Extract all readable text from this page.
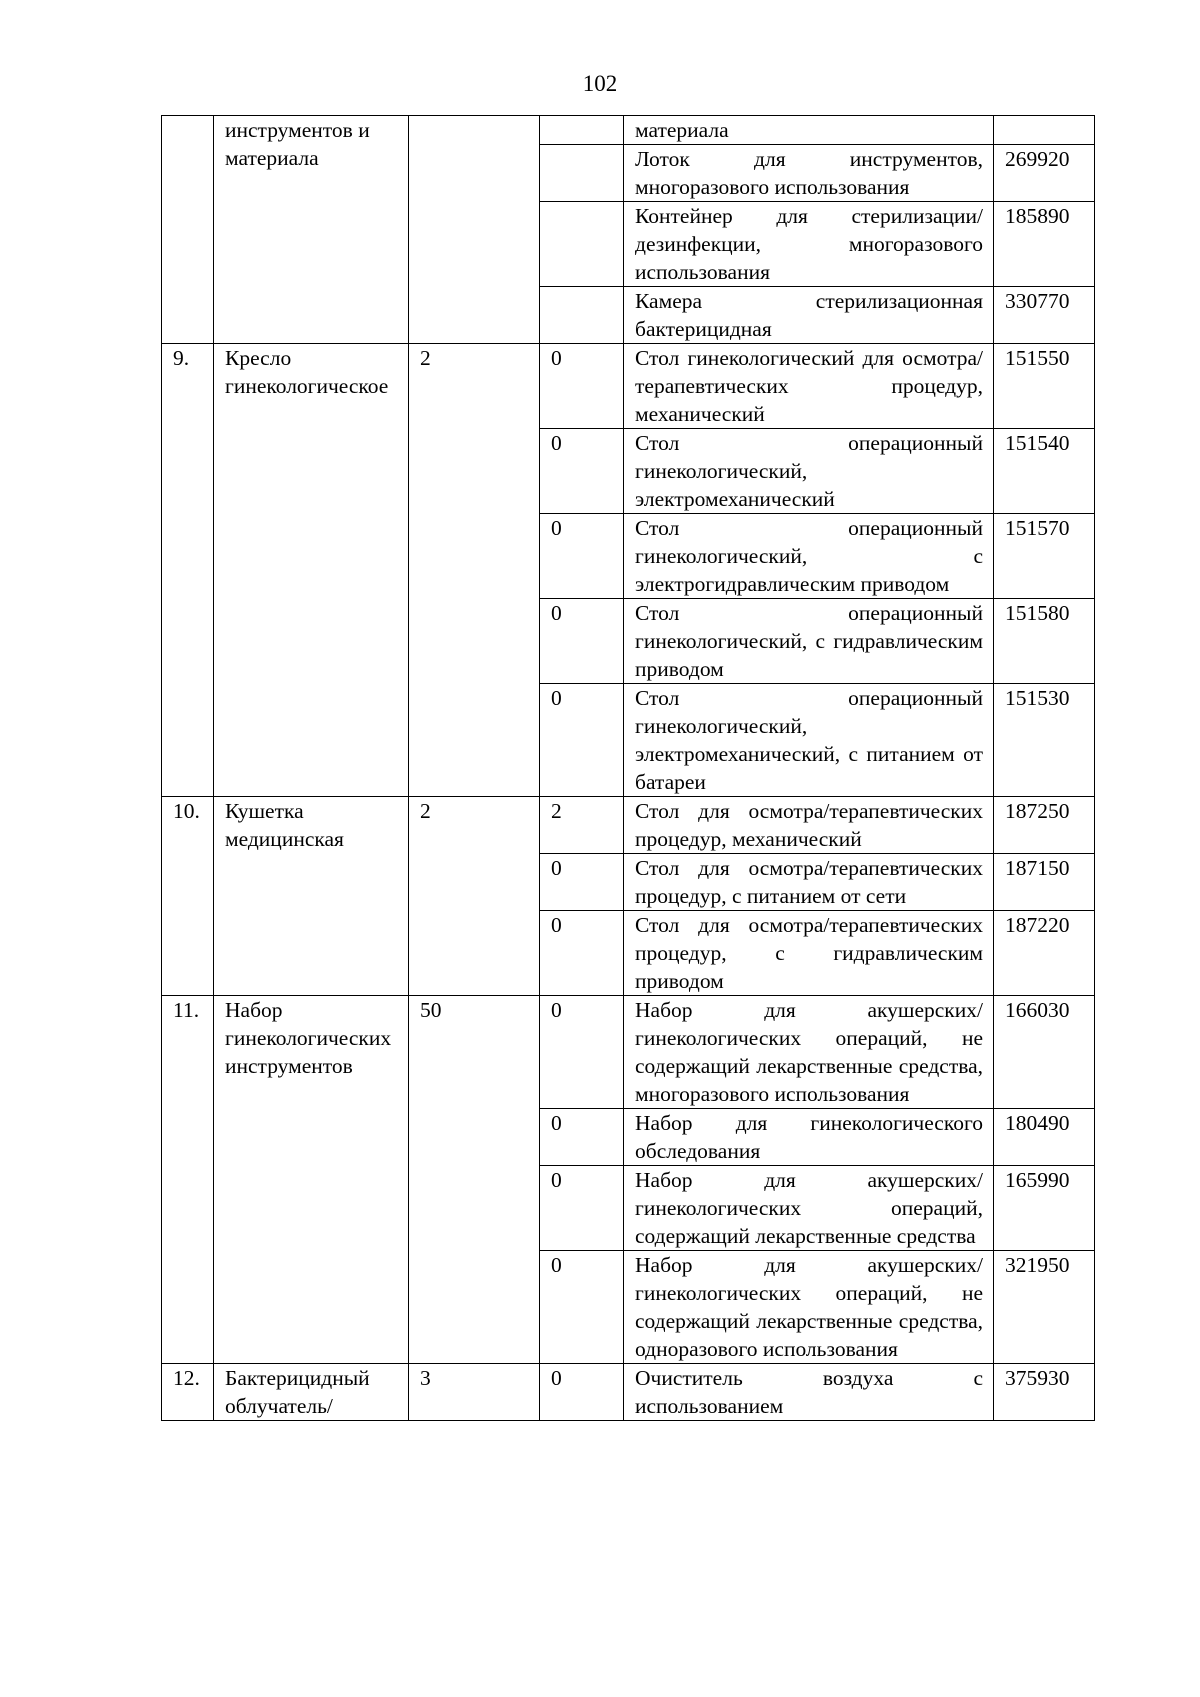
102
	инструментов и материала			материала	
				Лоток для инструментов, многоразового использования	269920
				Контейнер для стерилизации/дезинфекции, многоразового использования	185890
				Камера стерилизационная бактерицидная	330770
9.	Кресло гинекологическое	2	0	Стол гинекологический для осмотра/терапевтических процедур, механический	151550
			0	Стол операционный гинекологический, электромеханический	151540
			0	Стол операционный гинекологический, с электрогидравлическим приводом	151570
			0	Стол операционный гинекологический, с гидравлическим приводом	151580
			0	Стол операционный гинекологический, электромеханический, с питанием от батареи	151530
10.	Кушетка медицинская	2	2	Стол для осмотра/терапевтических процедур, механический	187250
			0	Стол для осмотра/терапевтических процедур, с питанием от сети	187150
			0	Стол для осмотра/терапевтических процедур, с гидравлическим приводом	187220
11.	Набор гинекологических инструментов	50	0	Набор для акушерских/гинекологических операций, не содержащий лекарственные средства, многоразового использования	166030
			0	Набор для гинекологического обследования	180490
			0	Набор для акушерских/гинекологических операций, содержащий лекарственные средства	165990
			0	Набор для акушерских/гинекологических операций, не содержащий лекарственные средства, одноразового использования	321950
12.	Бактерицидный облучатель/	3	0	Очиститель воздуха с использованием	375930
